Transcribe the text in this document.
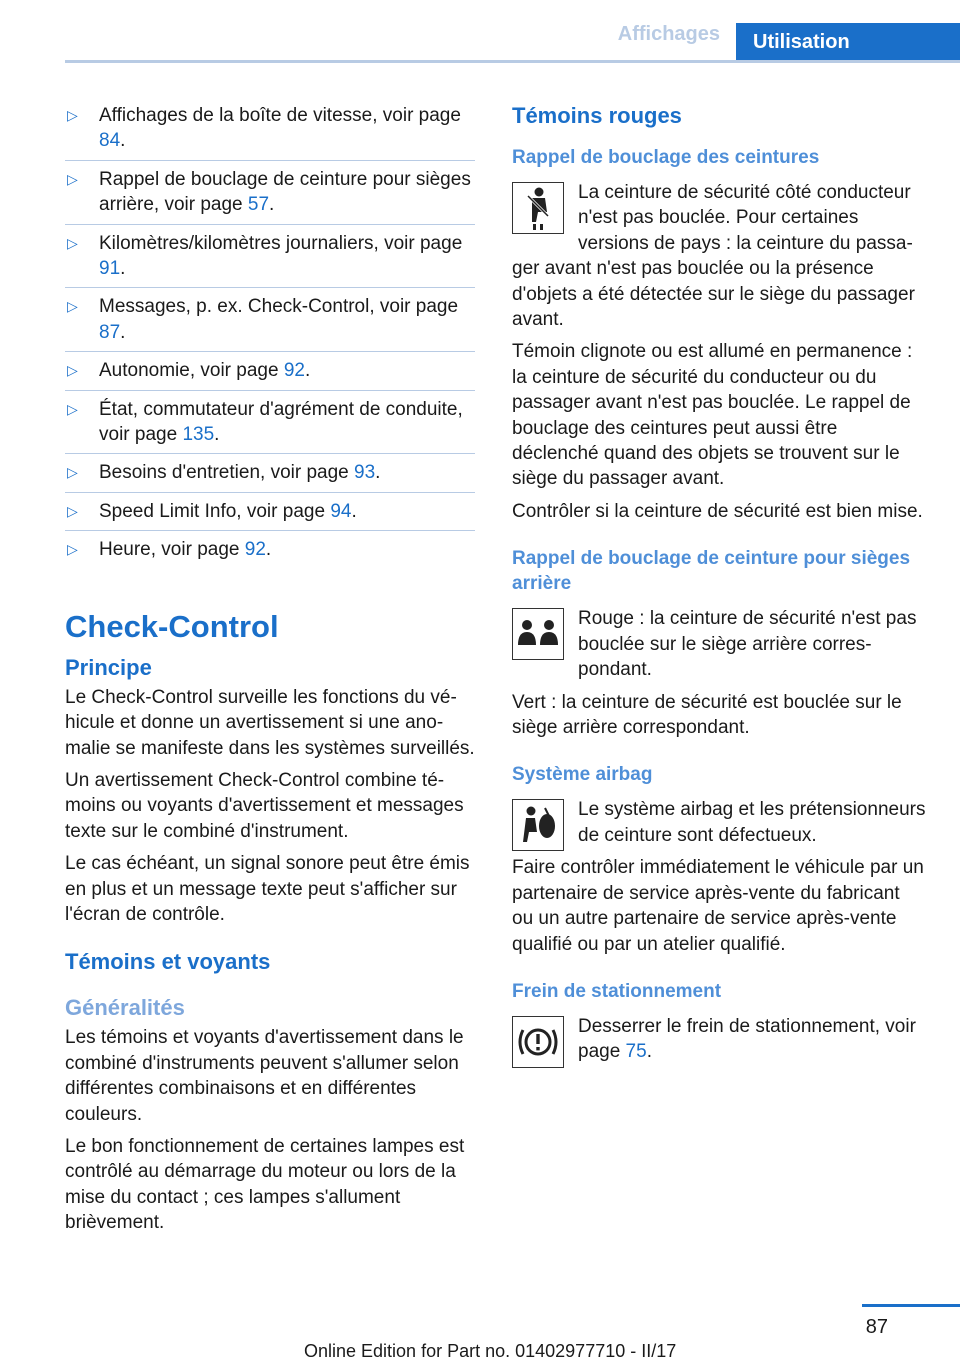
Affichages	Utilisation
▷ Affichages de la boîte de vitesse, voir page 84.
▷ Rappel de bouclage de ceinture pour sièges arrière, voir page 57.
▷ Kilomètres/kilomètres journaliers, voir page 91.
▷ Messages, p. ex. Check-Control, voir page 87.
▷ Autonomie, voir page 92.
▷ État, commutateur d'agrément de conduite, voir page 135.
▷ Besoins d'entretien, voir page 93.
▷ Speed Limit Info, voir page 94.
▷ Heure, voir page 92.
Check-Control
Principe

Le Check-Control surveille les fonctions du véhicule et donne un avertissement si une anomalie se manifeste dans les systèmes surveillés.

Un avertissement Check-Control combine témoins ou voyants d'avertissement et messages texte sur le combiné d'instrument.

Le cas échéant, un signal sonore peut être émis en plus et un message texte peut s'afficher sur l'écran de contrôle.

Témoins et voyants
Généralités

Les témoins et voyants d'avertissement dans le combiné d'instruments peuvent s'allumer selon différentes combinaisons et en différentes couleurs.

Le bon fonctionnement de certaines lampes est contrôlé au démarrage du moteur ou lors de la mise du contact ; ces lampes s'allument brièvement.

Témoins rouges
Rappel de bouclage des ceintures

La ceinture de sécurité côté conducteur n'est pas bouclée. Pour certaines versions de pays : la ceinture du passager avant n'est pas bouclée ou la présence d'objets a été détectée sur le siège du passager avant.

Témoin clignote ou est allumé en permanence : la ceinture de sécurité du conducteur ou du passager avant n'est pas bouclée. Le rappel de bouclage des ceintures peut aussi être déclenché quand des objets se trouvent sur le siège du passager avant.

Contrôler si la ceinture de sécurité est bien mise.

Rappel de bouclage de ceinture pour sièges arrière

Rouge : la ceinture de sécurité n'est pas bouclée sur le siège arrière correspondant.

Vert : la ceinture de sécurité est bouclée sur le siège arrière correspondant.

Système airbag

Le système airbag et les prétensionneurs de ceinture sont défectueux.

Faire contrôler immédiatement le véhicule par un partenaire de service après-vente du fabricant ou un autre partenaire de service après-vente qualifié ou par un atelier qualifié.

Frein de stationnement

Desserrer le frein de stationnement, voir page 75.

87
Online Edition for Part no. 01402977710 - II/17
